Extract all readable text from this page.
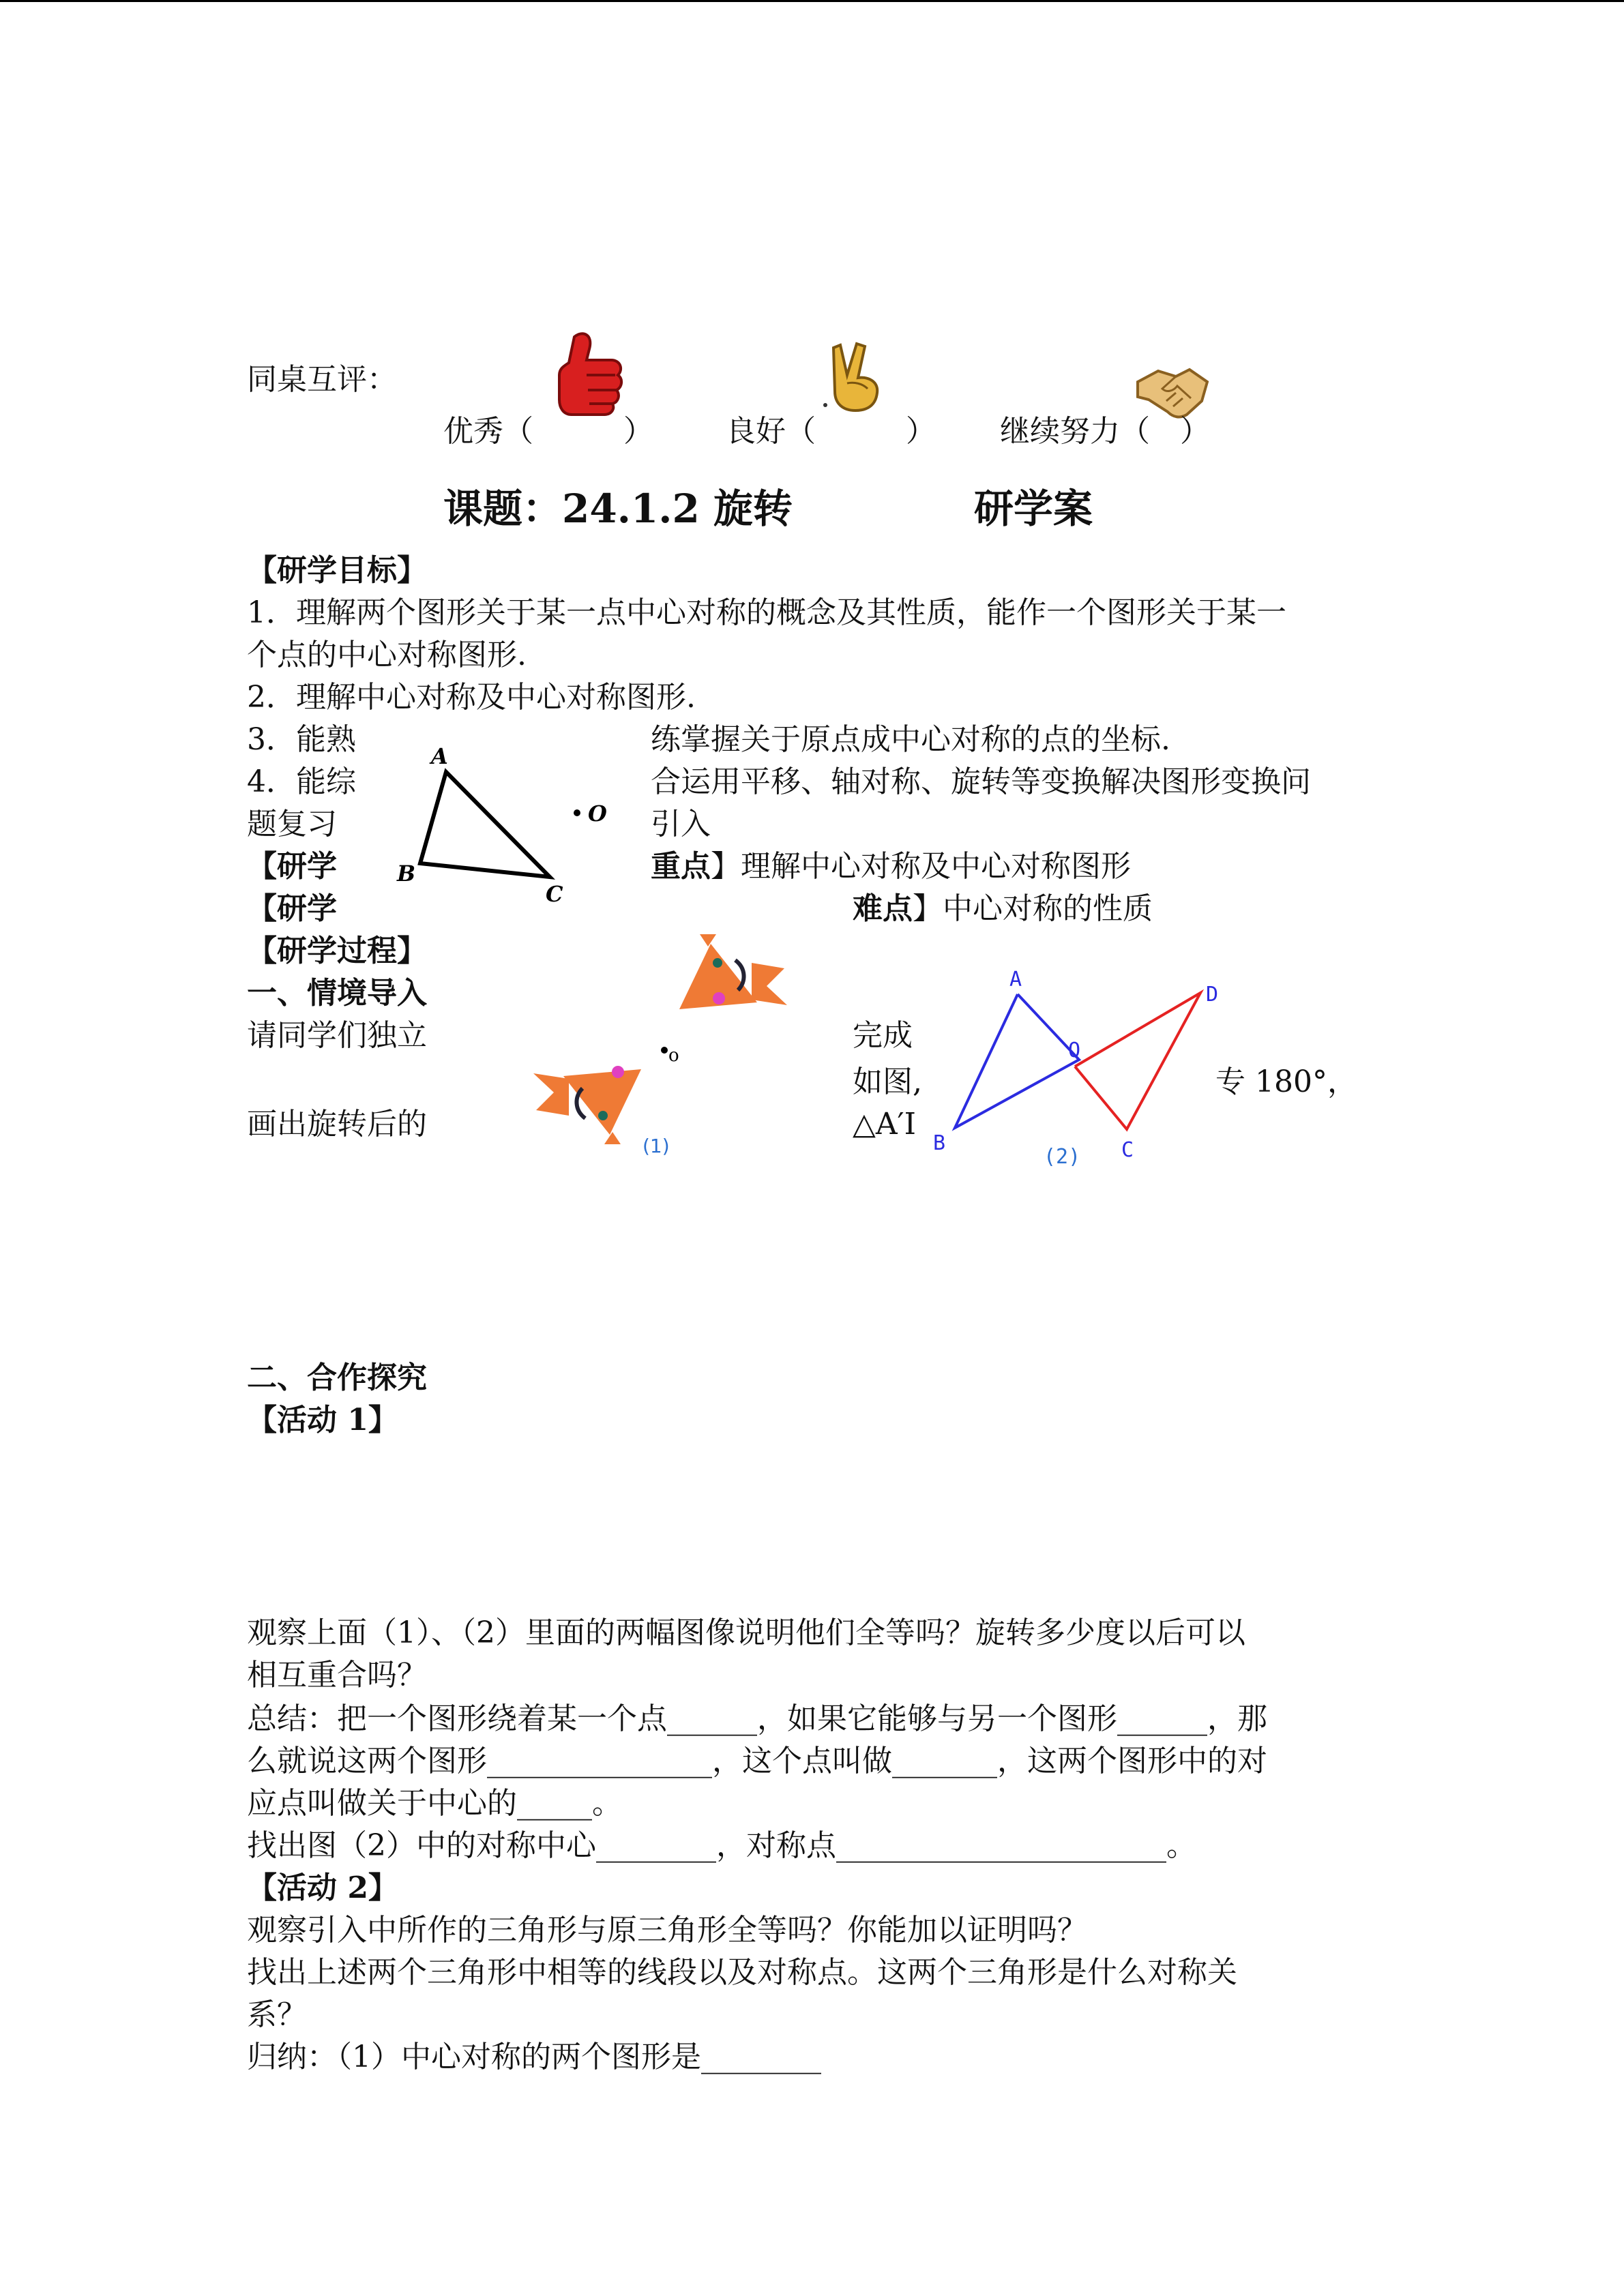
同桌互评：
优秀（　　　） 良好（　　　） 继续努力（　）
课题：24.1.2 旋转	研学案
【研学目标】
1．理解两个图形关于某一点中心对称的概念及其性质，能作一个图形关于某一
个点的中心对称图形.
2．理解中心对称及中心对称图形.
3．能熟	练掌握关于原点成中心对称的点的坐标.
4．能综	合运用平移、轴对称、旋转等变换解决图形变换问
题复习	引入
【研学	重点】理解中心对称及中心对称图形
【研学	难点】中心对称的性质
A
B
C
O
【研学过程】
一、情境导入
o
(1)
请同学们独立	完成
如图,	专 180°，
画出旋转后的	△A′I
A
B
O
D
C
(2)
二、合作探究
【活动 1】
观察上面（1）、（2）里面的两幅图像说明他们全等吗？旋转多少度以后可以
相互重合吗？
总结：把一个图形绕着某一个点______，如果它能够与另一个图形______，那
么就说这两个图形_______________，这个点叫做_______，这两个图形中的对
应点叫做关于中心的_____。
找出图（2）中的对称中心________，对称点______________________。
【活动 2】
观察引入中所作的三角形与原三角形全等吗？你能加以证明吗？
找出上述两个三角形中相等的线段以及对称点。这两个三角形是什么对称关
系？
归纳：（1）中心对称的两个图形是________
